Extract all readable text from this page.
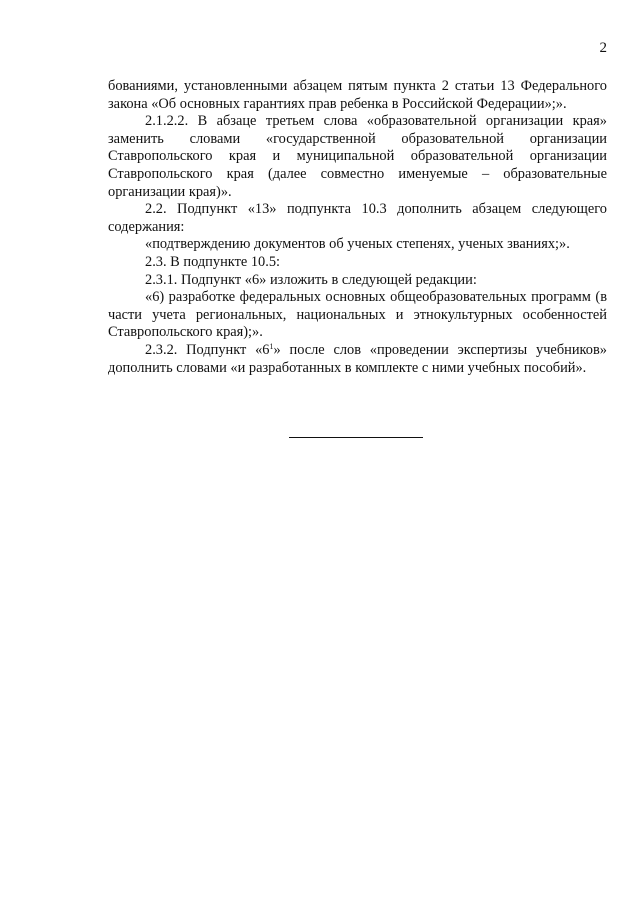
2

бованиями, установленными абзацем пятым пункта 2 статьи 13 Федерального закона «Об основных гарантиях прав ребенка в Российской Федерации»;».

2.1.2.2. В абзаце третьем слова «образовательной организации края» заменить словами «государственной образовательной организации Ставропольского края и муниципальной образовательной организации Ставропольского края (далее совместно именуемые – образовательные организации края)».

2.2. Подпункт «13» подпункта 10.3 дополнить абзацем следующего содержания:

«подтверждению документов об ученых степенях, ученых званиях;».

2.3. В подпункте 10.5:

2.3.1. Подпункт «6» изложить в следующей редакции:

«6) разработке федеральных основных общеобразовательных программ (в части учета региональных, национальных и этнокультурных особенностей Ставропольского края);».

2.3.2. Подпункт «$6^1$» после слов «проведении экспертизы учебников» дополнить словами «и разработанных в комплекте с ними учебных пособий».
